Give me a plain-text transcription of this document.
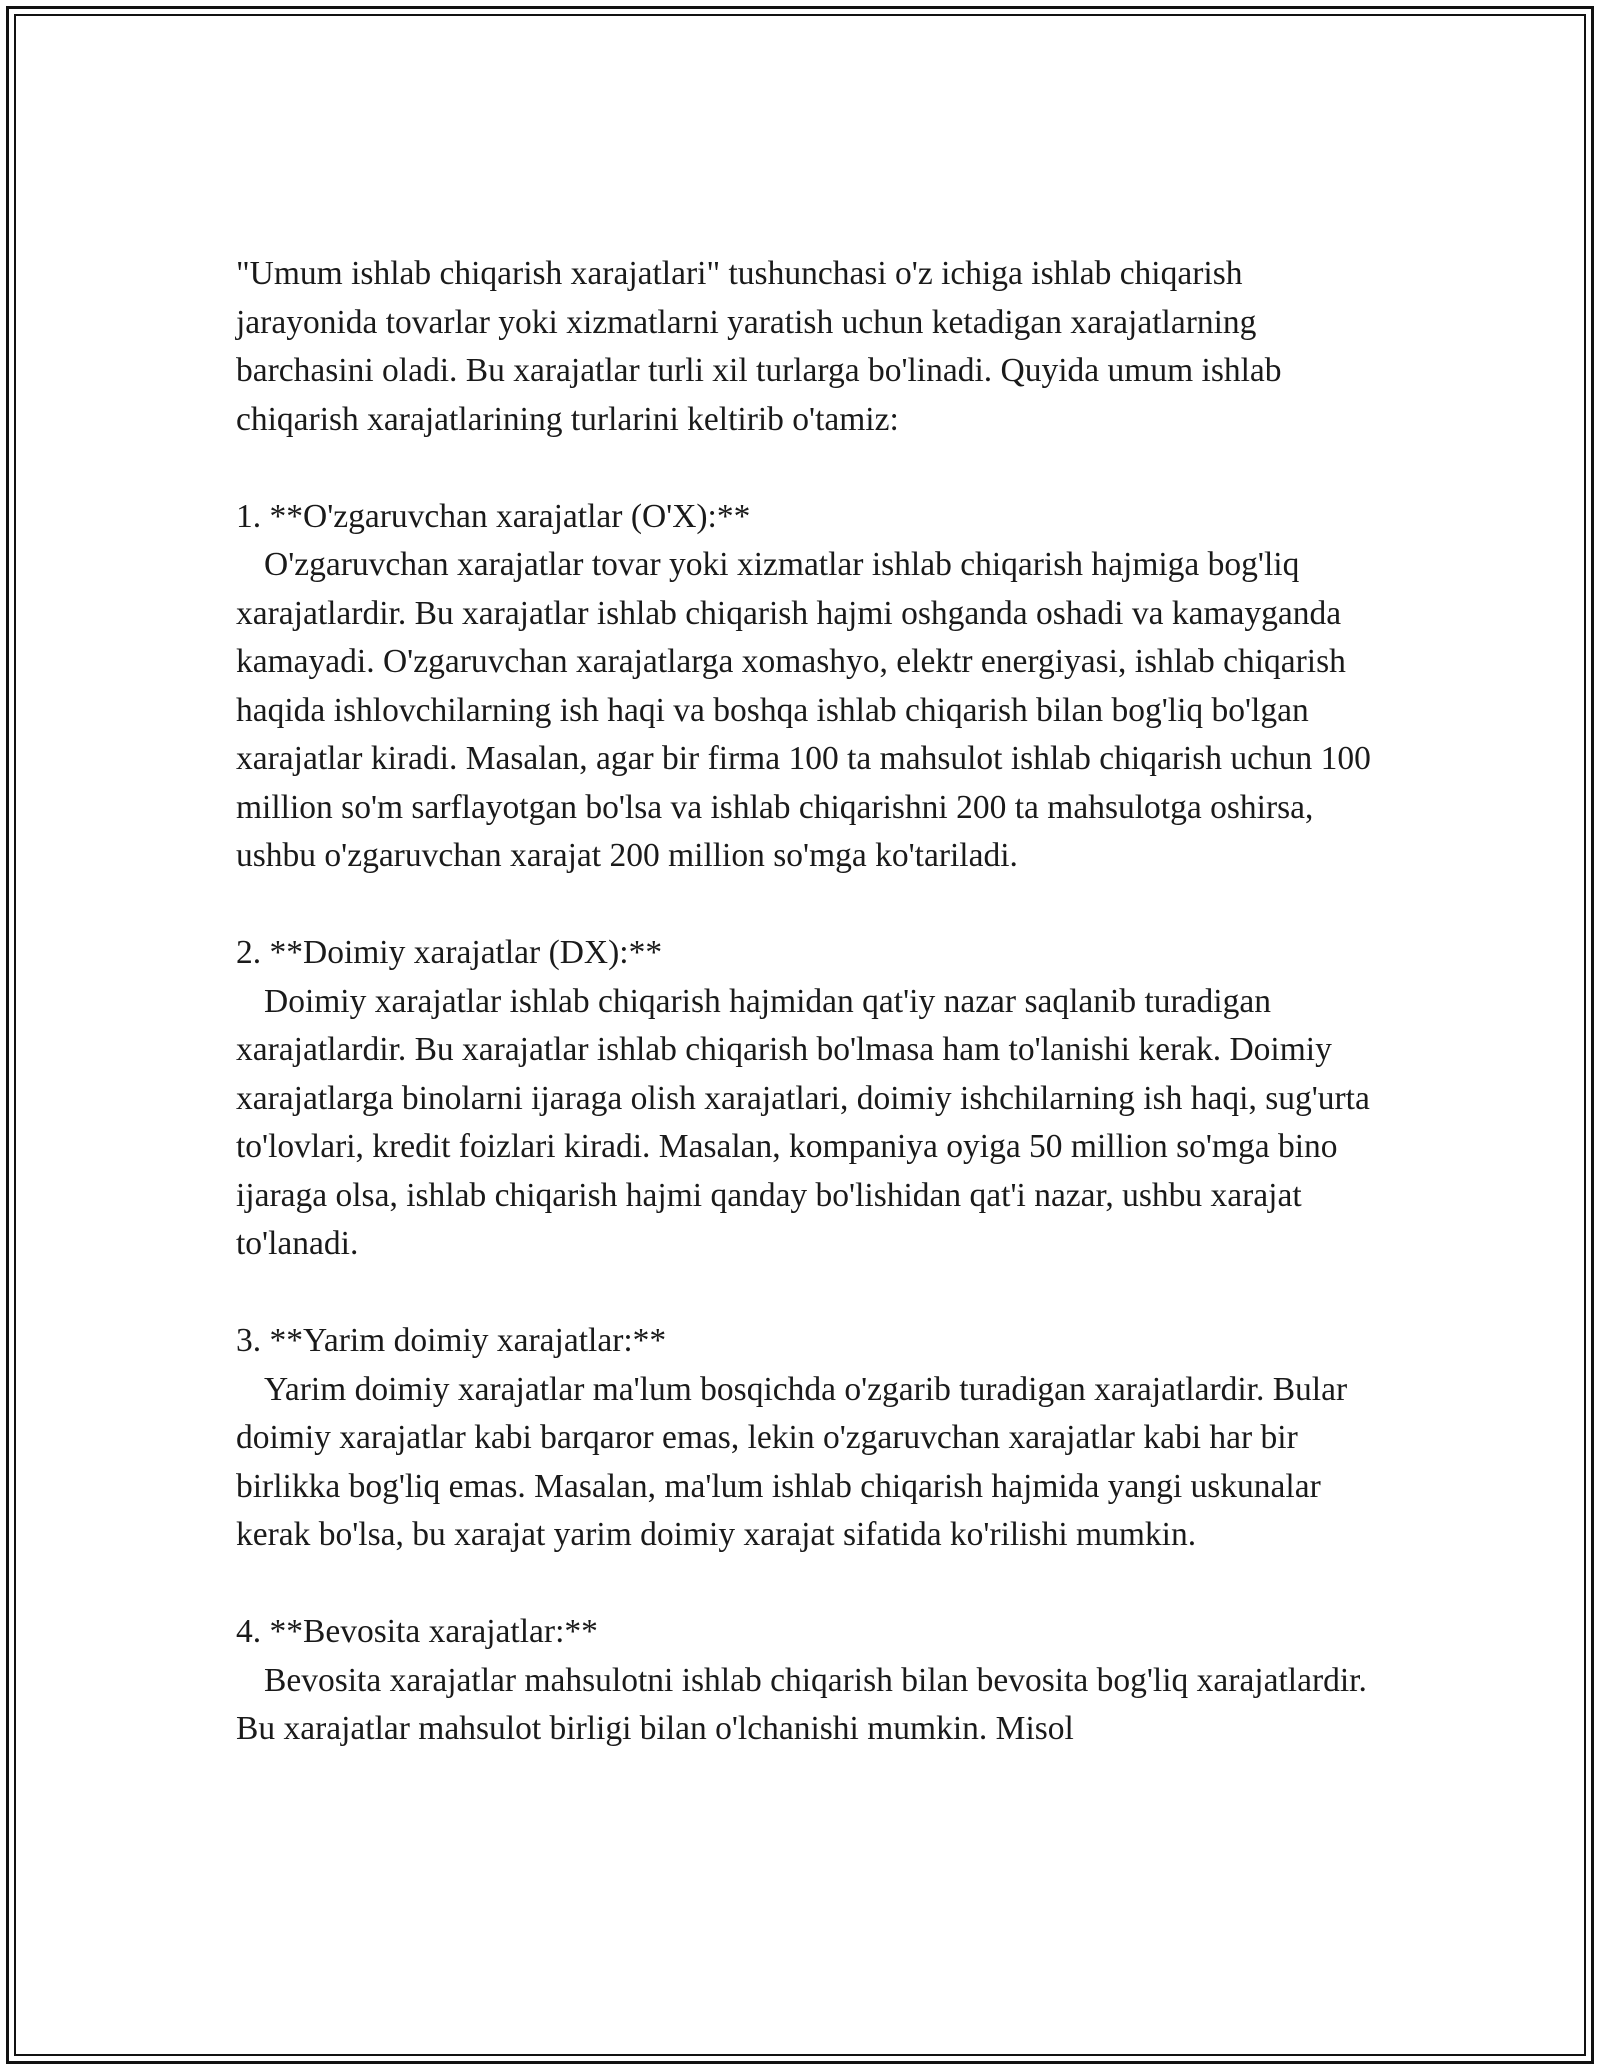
"Umum ishlab chiqarish xarajatlari" tushunchasi o'z ichiga ishlab chiqarish jarayonida tovarlar yoki xizmatlarni yaratish uchun ketadigan xarajatlarning barchasini oladi. Bu xarajatlar turli xil turlarga bo'linadi. Quyida umum ishlab chiqarish xarajatlarining turlarini keltirib o'tamiz:

1. **O'zgaruvchan xarajatlar (O'X):**

O'zgaruvchan xarajatlar tovar yoki xizmatlar ishlab chiqarish hajmiga bog'liq xarajatlardir. Bu xarajatlar ishlab chiqarish hajmi oshganda oshadi va kamayganda kamayadi. O'zgaruvchan xarajatlarga xomashyo, elektr energiyasi, ishlab chiqarish haqida ishlovchilarning ish haqi va boshqa ishlab chiqarish bilan bog'liq bo'lgan xarajatlar kiradi. Masalan, agar bir firma 100 ta mahsulot ishlab chiqarish uchun 100 million so'm sarflayotgan bo'lsa va ishlab chiqarishni 200 ta mahsulotga oshirsa, ushbu o'zgaruvchan xarajat 200 million so'mga ko'tariladi.

2. **Doimiy xarajatlar (DX):**

Doimiy xarajatlar ishlab chiqarish hajmidan qat'iy nazar saqlanib turadigan xarajatlardir. Bu xarajatlar ishlab chiqarish bo'lmasa ham to'lanishi kerak. Doimiy xarajatlarga binolarni ijaraga olish xarajatlari, doimiy ishchilarning ish haqi, sug'urta to'lovlari, kredit foizlari kiradi. Masalan, kompaniya oyiga 50 million so'mga bino ijaraga olsa, ishlab chiqarish hajmi qanday bo'lishidan qat'i nazar, ushbu xarajat to'lanadi.

3. **Yarim doimiy xarajatlar:**

Yarim doimiy xarajatlar ma'lum bosqichda o'zgarib turadigan xarajatlardir. Bular doimiy xarajatlar kabi barqaror emas, lekin o'zgaruvchan xarajatlar kabi har bir birlikka bog'liq emas. Masalan, ma'lum ishlab chiqarish hajmida yangi uskunalar kerak bo'lsa, bu xarajat yarim doimiy xarajat sifatida ko'rilishi mumkin.

4. **Bevosita xarajatlar:**

Bevosita xarajatlar mahsulotni ishlab chiqarish bilan bevosita bog'liq xarajatlardir. Bu xarajatlar mahsulot birligi bilan o'lchanishi mumkin. Misol
